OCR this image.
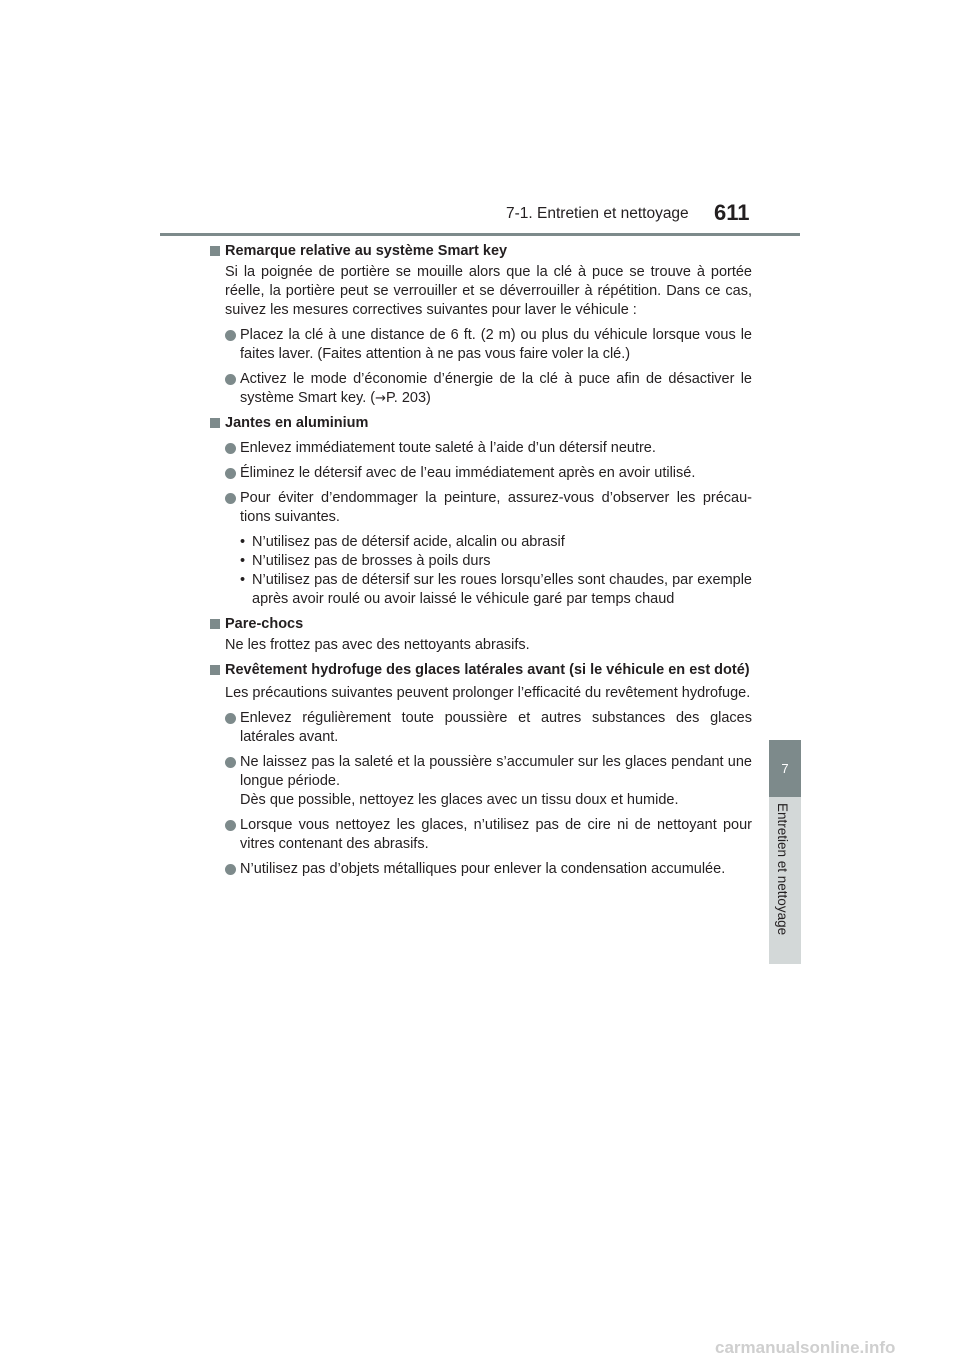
7-1. Entretien et nettoyage 611
7
Entretien et nettoyage
Remarque relative au système Smart key
Si la poignée de portière se mouille alors que la clé à puce se trouve à portée réelle, la portière peut se verrouiller et se déverrouiller à répétition. Dans ce cas, suivez les mesures correctives suivantes pour laver le véhicule :
Placez la clé à une distance de 6 ft. (2 m) ou plus du véhicule lorsque vous le faites laver. (Faites attention à ne pas vous faire voler la clé.)
Activez le mode d’économie d’énergie de la clé à puce afin de désactiver le système Smart key. (→P. 203)
Jantes en aluminium
Enlevez immédiatement toute saleté à l’aide d’un détersif neutre.
Éliminez le détersif avec de l’eau immédiatement après en avoir utilisé.
Pour éviter d’endommager la peinture, assurez-vous d’observer les précau-tions suivantes.
• N’utilisez pas de détersif acide, alcalin ou abrasif
• N’utilisez pas de brosses à poils durs
• N’utilisez pas de détersif sur les roues lorsqu’elles sont chaudes, par exemple après avoir roulé ou avoir laissé le véhicule garé par temps chaud
Pare-chocs
Ne les frottez pas avec des nettoyants abrasifs.
Revêtement hydrofuge des glaces latérales avant (si le véhicule en est doté)
Les précautions suivantes peuvent prolonger l’efficacité du revêtement hydrofuge.
Enlevez régulièrement toute poussière et autres substances des glaces latérales avant.
Ne laissez pas la saleté et la poussière s’accumuler sur les glaces pendant une longue période.
Dès que possible, nettoyez les glaces avec un tissu doux et humide.
Lorsque vous nettoyez les glaces, n’utilisez pas de cire ni de nettoyant pour vitres contenant des abrasifs.
N’utilisez pas d’objets métalliques pour enlever la condensation accumulée.
carmanualsonline.info
